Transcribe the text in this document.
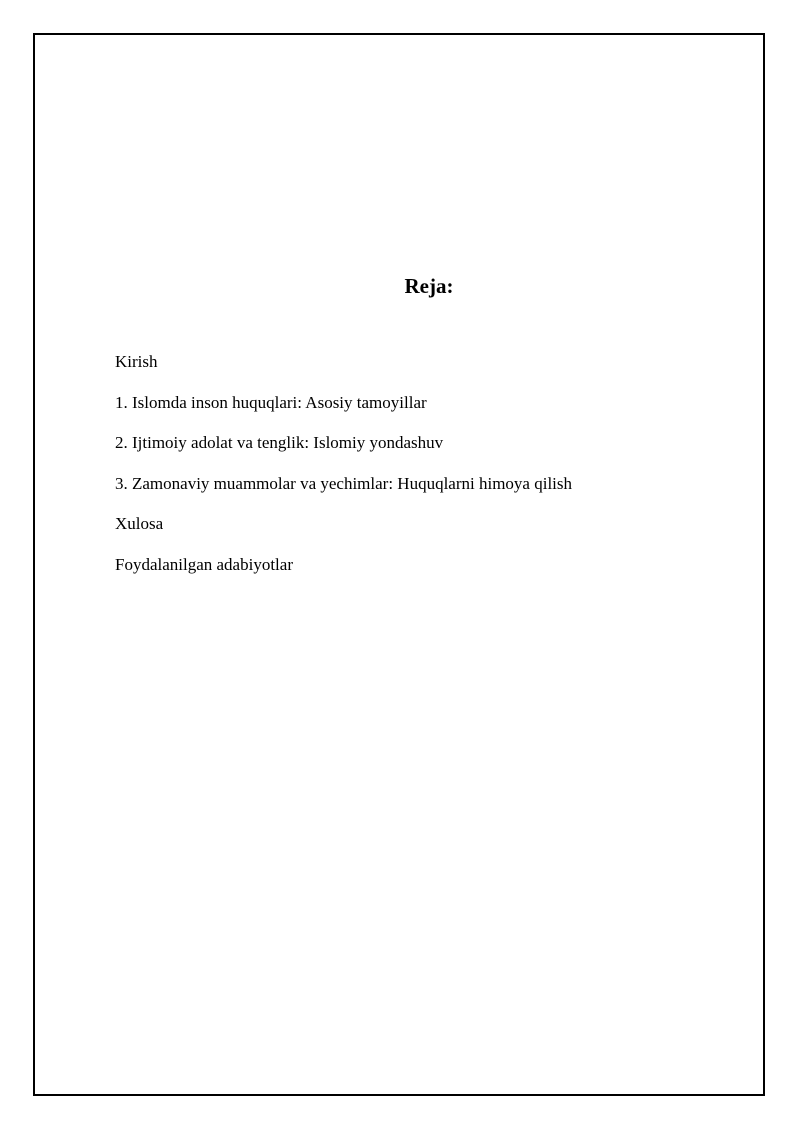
Reja:
Kirish
1. Islomda inson huquqlari: Asosiy tamoyillar
2. Ijtimoiy adolat va tenglik: Islomiy yondashuv
3. Zamonaviy muammolar va yechimlar: Huquqlarni himoya qilish
Xulosa
Foydalanilgan adabiyotlar
